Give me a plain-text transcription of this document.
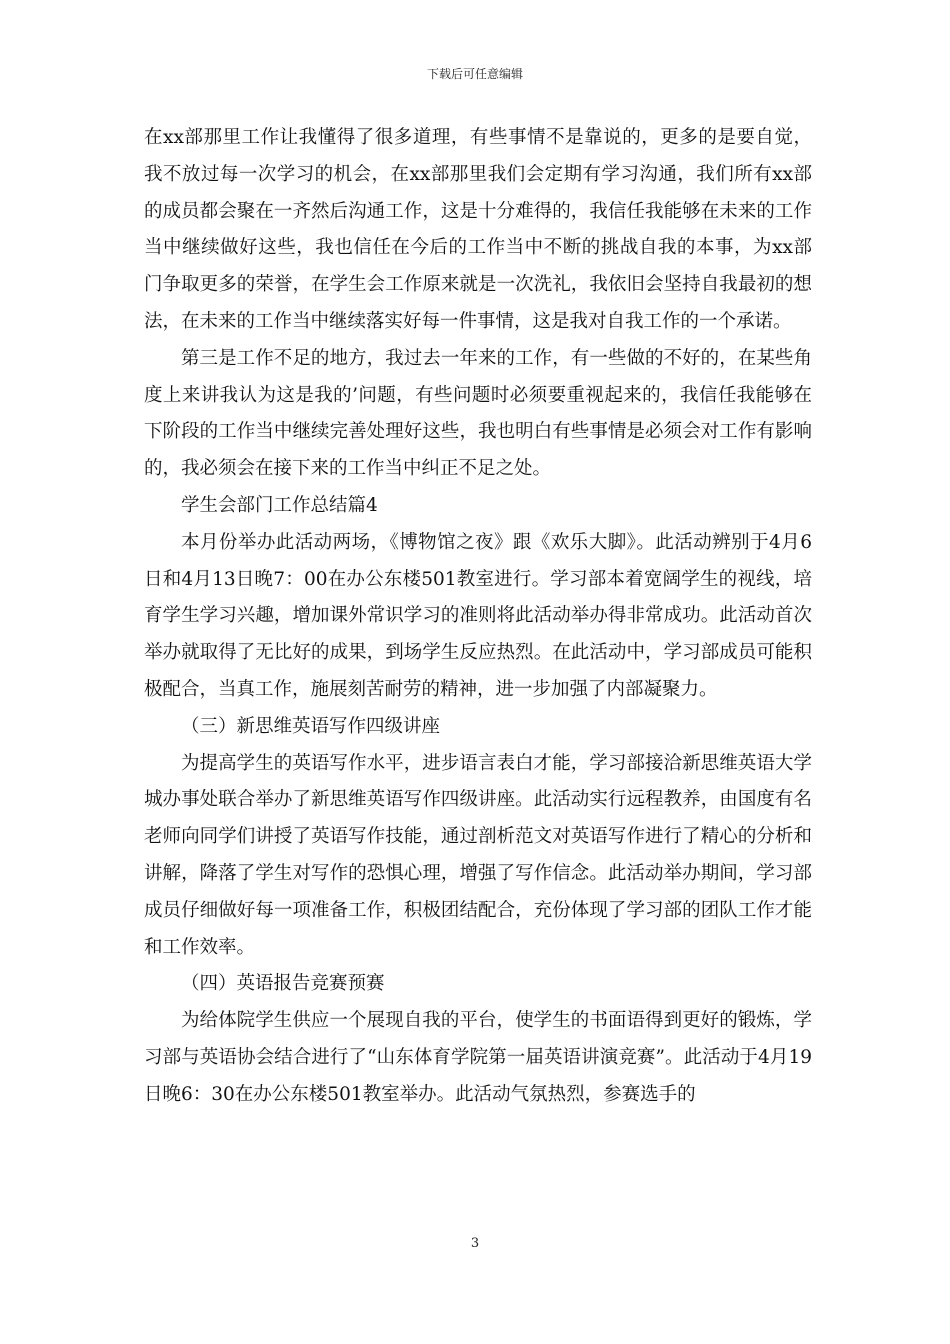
下载后可任意编辑

在xx部那里工作让我懂得了很多道理，有些事情不是靠说的，更多的是要自觉，我不放过每一次学习的机会，在xx部那里我们会定期有学习沟通，我们所有xx部的成员都会聚在一齐然后沟通工作，这是十分难得的，我信任我能够在未来的工作当中继续做好这些，我也信任在今后的工作当中不断的挑战自我的本事，为xx部门争取更多的荣誉，在学生会工作原来就是一次洗礼，我依旧会坚持自我最初的想法，在未来的工作当中继续落实好每一件事情，这是我对自我工作的一个承诺。

第三是工作不足的地方，我过去一年来的工作，有一些做的不好的，在某些角度上来讲我认为这是我的’问题，有些问题时必须要重视起来的，我信任我能够在下阶段的工作当中继续完善处理好这些，我也明白有些事情是必须会对工作有影响的，我必须会在接下来的工作当中纠正不足之处。

学生会部门工作总结篇4

本月份举办此活动两场，《博物馆之夜》跟《欢乐大脚》。此活动辨别于4月6日和4月13日晚7：00在办公东楼501教室进行。学习部本着宽阔学生的视线，培育学生学习兴趣，增加课外常识学习的准则将此活动举办得非常成功。此活动首次举办就取得了无比好的成果，到场学生反应热烈。在此活动中，学习部成员可能积极配合，当真工作，施展刻苦耐劳的精神，进一步加强了内部凝聚力。

（三）新思维英语写作四级讲座

为提高学生的英语写作水平，进步语言表白才能，学习部接洽新思维英语大学城办事处联合举办了新思维英语写作四级讲座。此活动实行远程教养，由国度有名老师向同学们讲授了英语写作技能，通过剖析范文对英语写作进行了精心的分析和讲解，降落了学生对写作的恐惧心理，增强了写作信念。此活动举办期间，学习部成员仔细做好每一项准备工作，积极团结配合，充份体现了学习部的团队工作才能和工作效率。

（四）英语报告竞赛预赛

为给体院学生供应一个展现自我的平台，使学生的书面语得到更好的锻炼，学习部与英语协会结合进行了“山东体育学院第一届英语讲演竞赛”。此活动于4月19日晚6：30在办公东楼501教室举办。此活动气氛热烈，参赛选手的

3
